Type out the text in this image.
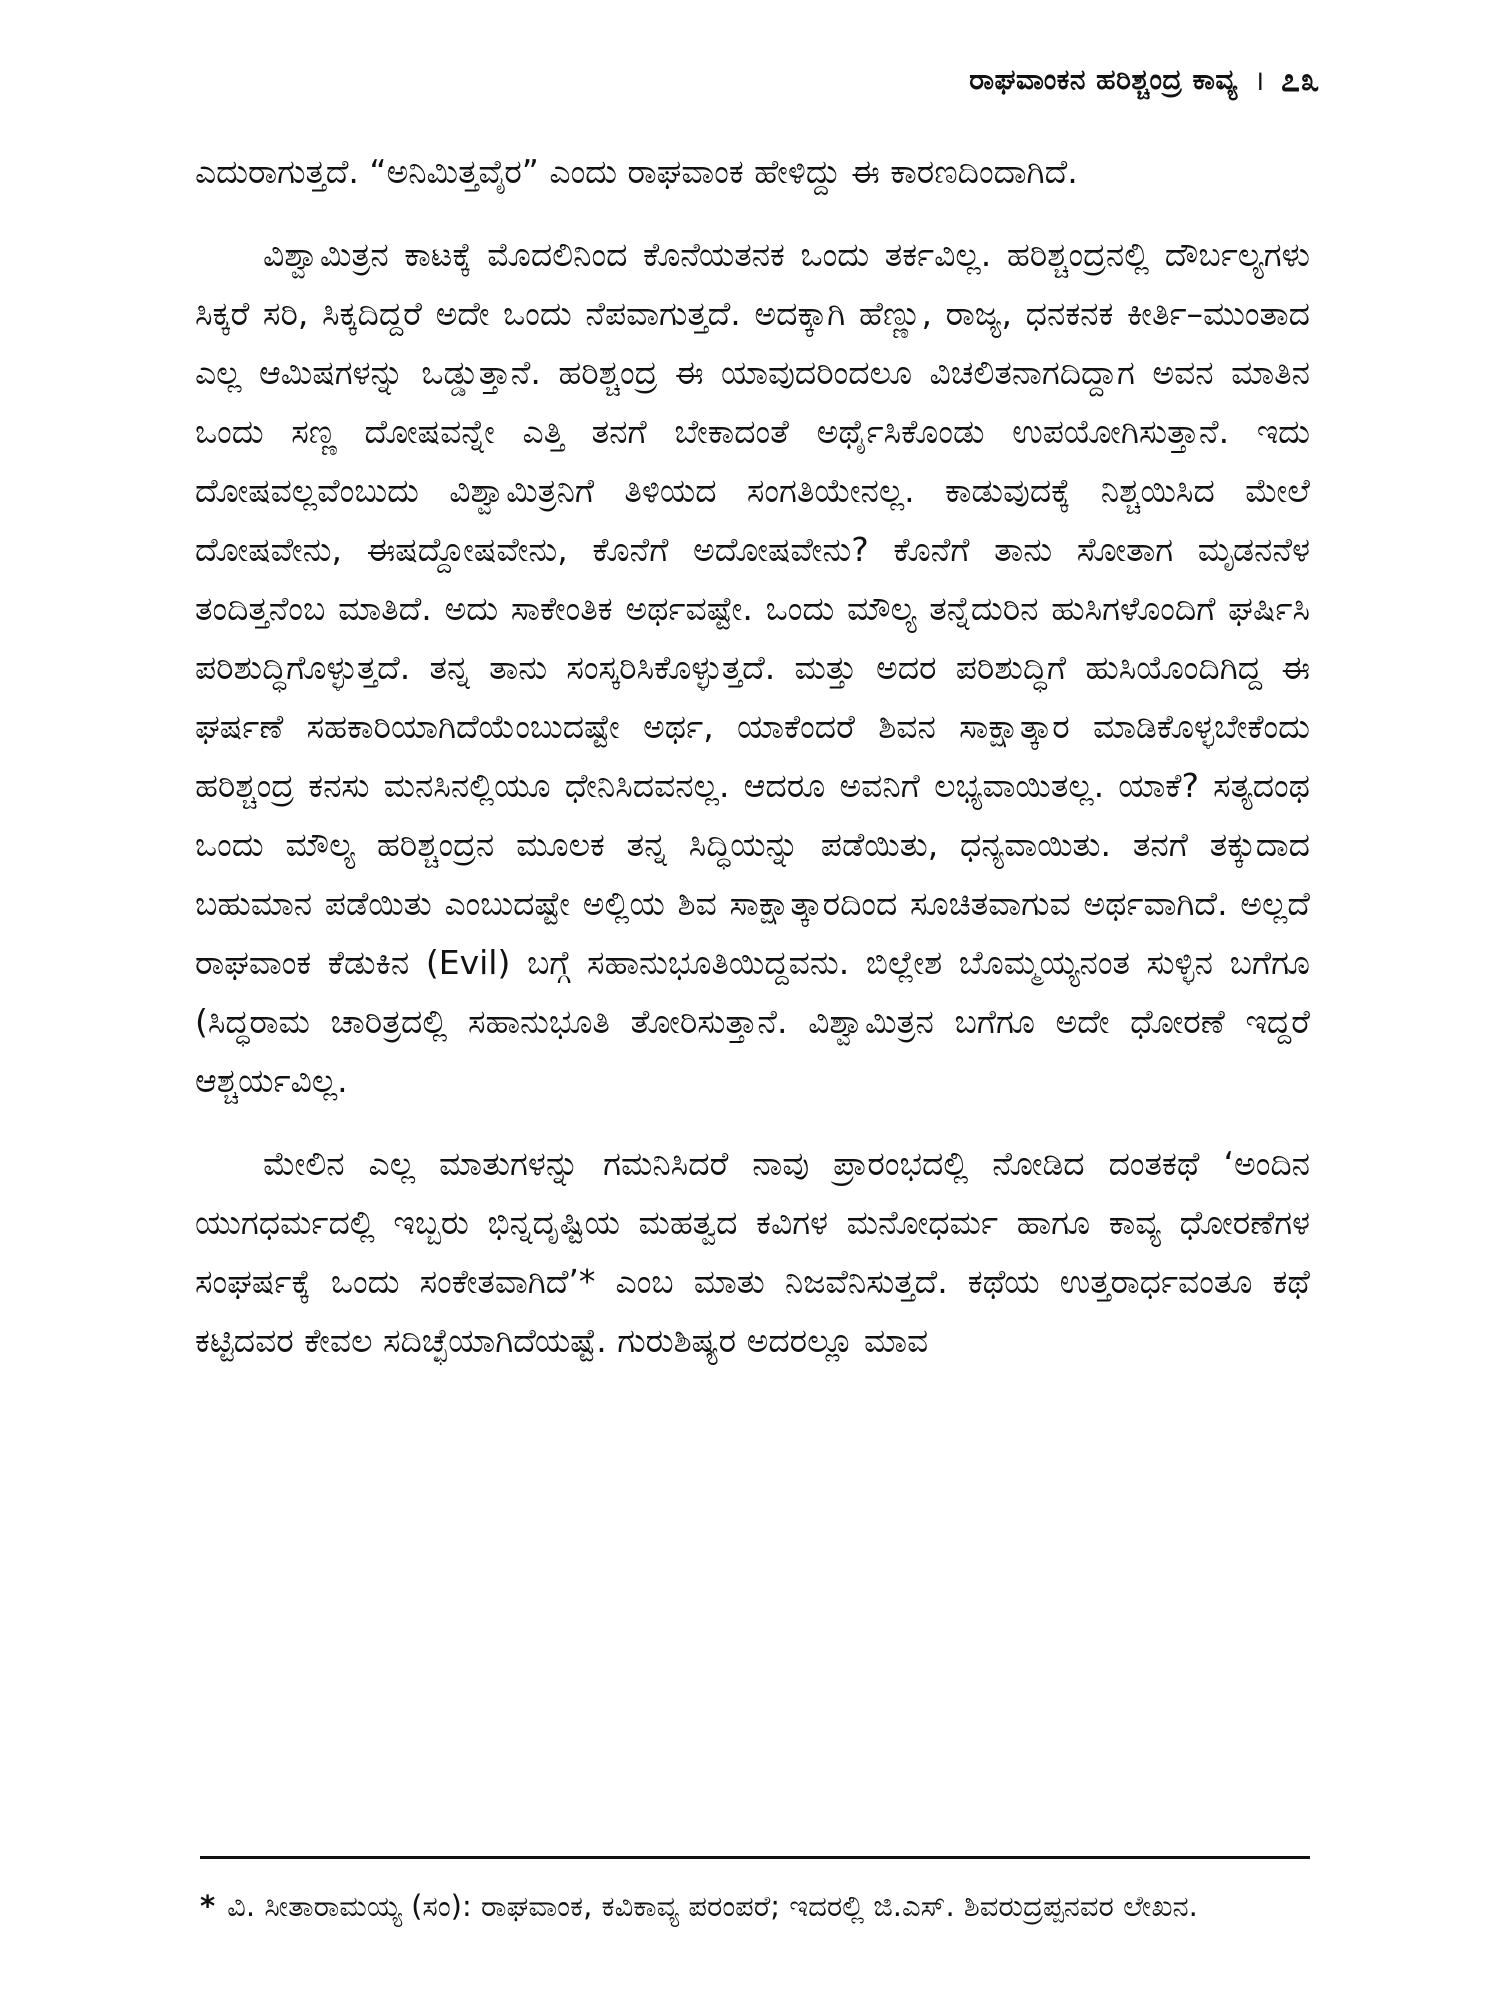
ರಾಘವಾಂಕನ ಹರಿಶ್ಚಂದ್ರ ಕಾವ್ಯ । ೭೩

ಎದುರಾಗುತ್ತದೆ. “ಅನಿಮಿತ್ತವೈರ” ಎಂದು ರಾಘವಾಂಕ ಹೇಳಿದ್ದು ಈ ಕಾರಣದಿಂದಾಗಿದೆ.

ವಿಶ್ವಾಮಿತ್ರನ ಕಾಟಕ್ಕೆ ಮೊದಲಿನಿಂದ ಕೊನೆಯತನಕ ಒಂದು ತರ್ಕವಿಲ್ಲ. ಹರಿಶ್ಚಂದ್ರನಲ್ಲಿ ದೌರ್ಬಲ್ಯಗಳು ಸಿಕ್ಕರೆ ಸರಿ, ಸಿಕ್ಕದಿದ್ದರೆ ಅದೇ ಒಂದು ನೆಪವಾಗುತ್ತದೆ. ಅದಕ್ಕಾಗಿ ಹೆಣ್ಣು, ರಾಜ್ಯ, ಧನಕನಕ ಕೀರ್ತಿ–ಮುಂತಾದ ಎಲ್ಲ ಆಮಿಷಗಳನ್ನು ಒಡ್ಡುತ್ತಾನೆ. ಹರಿಶ್ಚಂದ್ರ ಈ ಯಾವುದರಿಂದಲೂ ವಿಚಲಿತನಾಗದಿದ್ದಾಗ ಅವನ ಮಾತಿನ ಒಂದು ಸಣ್ಣ ದೋಷವನ್ನೇ ಎತ್ತಿ ತನಗೆ ಬೇಕಾದಂತೆ ಅರ್ಥೈಸಿಕೊಂಡು ಉಪಯೋಗಿಸುತ್ತಾನೆ. ಇದು ದೋಷವಲ್ಲವೆಂಬುದು ವಿಶ್ವಾಮಿತ್ರನಿಗೆ ತಿಳಿಯದ ಸಂಗತಿಯೇನಲ್ಲ. ಕಾಡುವುದಕ್ಕೆ ನಿಶ್ಚಯಿಸಿದ ಮೇಲೆ ದೋಷವೇನು, ಈಷದ್ದೋಷವೇನು, ಕೊನೆಗೆ ಅದೋಷವೇನು? ಕೊನೆಗೆ ತಾನು ಸೋತಾಗ ಮೃಡನನೆಳ ತಂದಿತ್ತನೆಂಬ ಮಾತಿದೆ. ಅದು ಸಾಕೇಂತಿಕ ಅರ್ಥವಷ್ಟೇ. ಒಂದು ಮೌಲ್ಯ ತನ್ನೆದುರಿನ ಹುಸಿಗಳೊಂದಿಗೆ ಘರ್ಷಿಸಿ ಪರಿಶುದ್ಧಿಗೊಳ್ಳುತ್ತದೆ. ತನ್ನ ತಾನು ಸಂಸ್ಕರಿಸಿಕೊಳ್ಳುತ್ತದೆ. ಮತ್ತು ಅದರ ಪರಿಶುದ್ಧಿಗೆ ಹುಸಿಯೊಂದಿಗಿದ್ದ ಈ ಘರ್ಷಣೆ ಸಹಕಾರಿಯಾಗಿದೆಯೆಂಬುದಷ್ಟೇ ಅರ್ಥ, ಯಾಕೆಂದರೆ ಶಿವನ ಸಾಕ್ಷಾತ್ಕಾರ ಮಾಡಿಕೊಳ್ಳಬೇಕೆಂದು ಹರಿಶ್ಚಂದ್ರ ಕನಸು ಮನಸಿನಲ್ಲಿಯೂ ಧೇನಿಸಿದವನಲ್ಲ. ಆದರೂ ಅವನಿಗೆ ಲಭ್ಯವಾಯಿತಲ್ಲ. ಯಾಕೆ? ಸತ್ಯದಂಥ ಒಂದು ಮೌಲ್ಯ ಹರಿಶ್ಚಂದ್ರನ ಮೂಲಕ ತನ್ನ ಸಿದ್ಧಿಯನ್ನು ಪಡೆಯಿತು, ಧನ್ಯವಾಯಿತು. ತನಗೆ ತಕ್ಕುದಾದ ಬಹುಮಾನ ಪಡೆಯಿತು ಎಂಬುದಷ್ಟೇ ಅಲ್ಲಿಯ ಶಿವ ಸಾಕ್ಷಾತ್ಕಾರದಿಂದ ಸೂಚಿತವಾಗುವ ಅರ್ಥವಾಗಿದೆ. ಅಲ್ಲದೆ ರಾಘವಾಂಕ ಕೆಡುಕಿನ (Evil) ಬಗ್ಗೆ ಸಹಾನುಭೂತಿಯಿದ್ದವನು. ಬಿಲ್ಲೇಶ ಬೊಮ್ಮಯ್ಯನಂತ ಸುಳ್ಳಿನ ಬಗೆಗೂ (ಸಿದ್ಧರಾಮ ಚಾರಿತ್ರದಲ್ಲಿ ಸಹಾನುಭೂತಿ ತೋರಿಸುತ್ತಾನೆ. ವಿಶ್ವಾಮಿತ್ರನ ಬಗೆಗೂ ಅದೇ ಧೋರಣೆ ಇದ್ದರೆ ಆಶ್ಚರ್ಯವಿಲ್ಲ.

ಮೇಲಿನ ಎಲ್ಲ ಮಾತುಗಳನ್ನು ಗಮನಿಸಿದರೆ ನಾವು ಪ್ರಾರಂಭದಲ್ಲಿ ನೋಡಿದ ದಂತಕಥೆ ‘ಅಂದಿನ ಯುಗಧರ್ಮದಲ್ಲಿ ಇಬ್ಬರು ಭಿನ್ನದೃಷ್ಟಿಯ ಮಹತ್ವದ ಕವಿಗಳ ಮನೋಧರ್ಮ ಹಾಗೂ ಕಾವ್ಯ ಧೋರಣೆಗಳ ಸಂಘರ್ಷಕ್ಕೆ ಒಂದು ಸಂಕೇತವಾಗಿದೆ’* ಎಂಬ ಮಾತು ನಿಜವೆನಿಸುತ್ತದೆ. ಕಥೆಯ ಉತ್ತರಾರ್ಧವಂತೂ ಕಥೆ ಕಟ್ಟಿದವರ ಕೇವಲ ಸದಿಚ್ಛೆಯಾಗಿದೆಯಷ್ಟೆ. ಗುರುಶಿಷ್ಯರ ಅದರಲ್ಲೂ ಮಾವ

* ವಿ. ಸೀತಾರಾಮಯ್ಯ (ಸಂ): ರಾಘವಾಂಕ, ಕವಿಕಾವ್ಯ ಪರಂಪರೆ; ಇದರಲ್ಲಿ ಜಿ.ಎಸ್. ಶಿವರುದ್ರಪ್ಪನವರ ಲೇಖನ.
